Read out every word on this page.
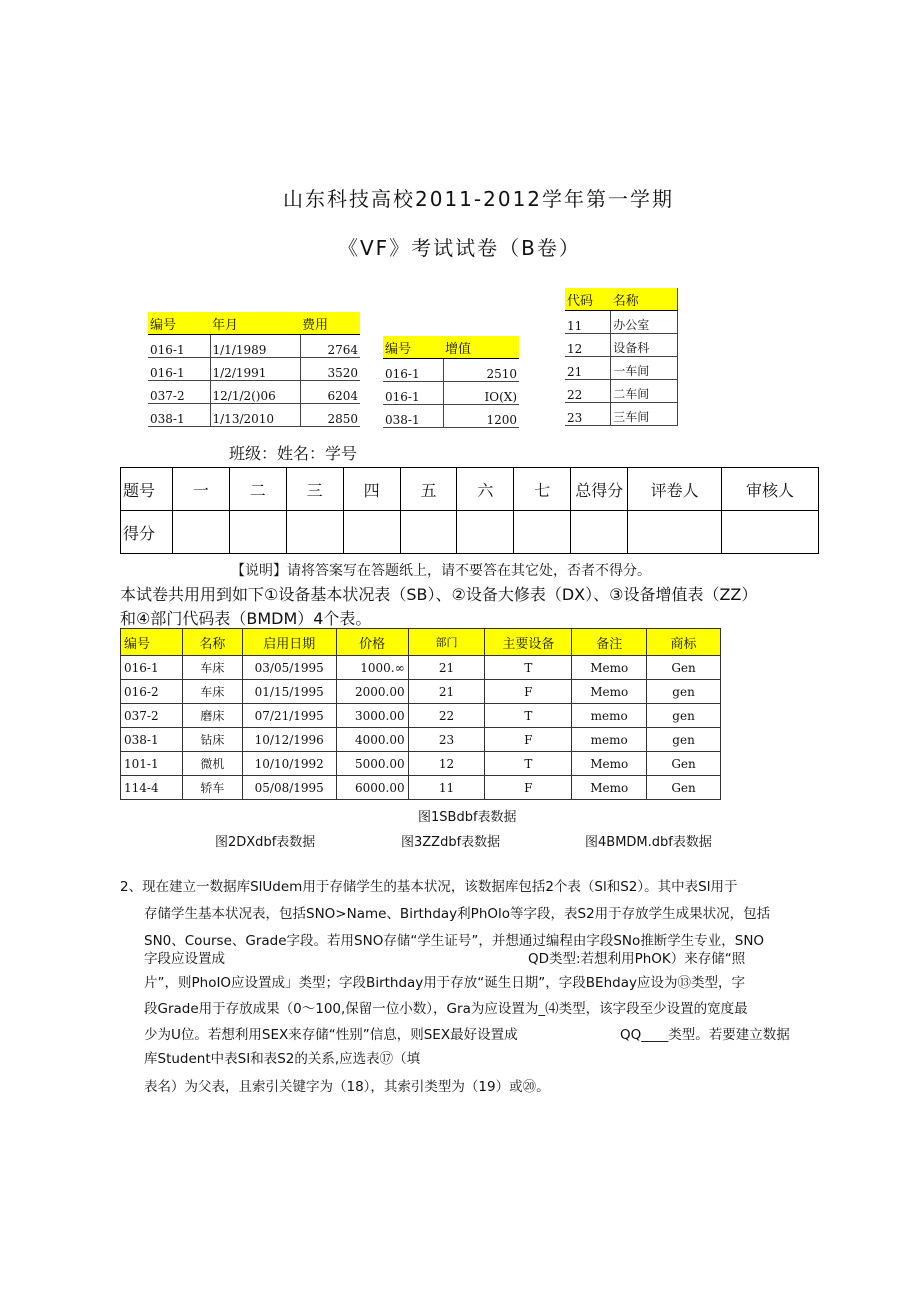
山东科技高校2011-2012学年第一学期
《VF》考试试卷（B卷）
编号	年月	费用
016-1	1/1/1989	2764
016-1	1/2/1991	3520
037-2	12/1/2()06	6204
038-1	1/13/2010	2850
编号	增值
016-1	2510
016-1	IO(X)
038-1	1200
代码	名称
11	办公室
12	设备科
21	一车间
22	二车间
23	三车间
班级：姓名：学号
题号	一	二	三	四	五	六	七	总得分	评卷人	审核人
得分										
【说明】请将答案写在答题纸上，请不要答在其它处，否者不得分。
本试卷共用用到如下①设备基本状况表（SB）、②设备大修表（DX）、③设备增值表（ZZ）
和④部门代码表（BMDM）4个表。
编号	名称	启用日期	价格	部门	主要设备	备注	商标
016-1	车床	03/05/1995	1000.∞	21	T	Memo	Gen
016-2	车床	01/15/1995	2000.00	21	F	Memo	gen
037-2	磨床	07/21/1995	3000.00	22	T	memo	gen
038-1	钻床	10/12/1996	4000.00	23	F	memo	gen
101-1	微机	10/10/1992	5000.00	12	T	Memo	Gen
114-4	轿车	05/08/1995	6000.00	11	F	Memo	Gen
图1SBdbf表数据
图2DXdbf表数据	图3ZZdbf表数据	图4BMDM.dbf表数据
2、现在建立一数据库SlUdem用于存储学生的基本状况，该数据库包括2个表（Sl和S2）。其中表Sl用于
存储学生基本状况表，包括SNO>Name、Birthday利PhOlo等字段，表S2用于存放学生成果状况，包括
SN0、Course、Grade字段。若用SNO存储“学生证号”，并想通过编程由字段SNo推断学生专业，SNO
字段应设置成	QD类型:若想利用PhOK）来存储“照
片”，则PhoIO应设置成」类型；字段Birthday用于存放“诞生日期”，字段BEhday应设为⑬类型，字
段Grade用于存放成果（0～100,保留一位小数），Gra为应设置为_⑷类型，该字段至少设置的宽度最
少为U位。若想利用SEX来存储“性别”信息，则SEX最好设置成	QQ____类型。若要建立数据
库Student中表SI和表S2的关系,应选表⑰（填
表名）为父表，且索引关键字为（18），其索引类型为（19）或⑳。
